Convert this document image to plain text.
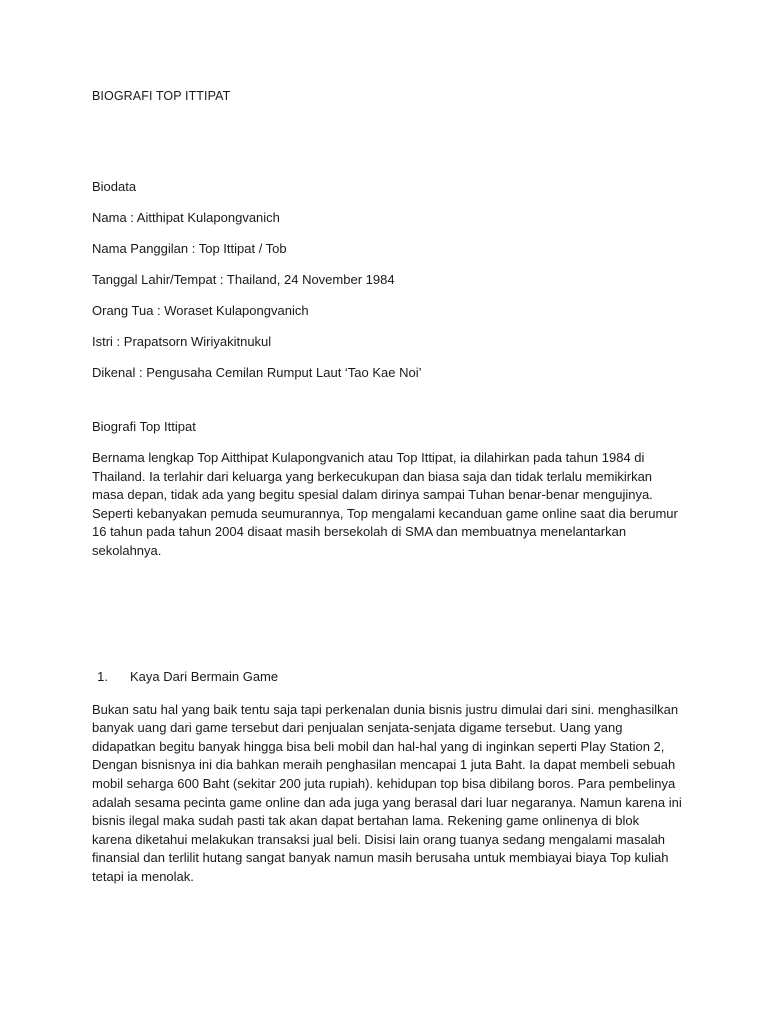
BIOGRAFI TOP ITTIPAT
Biodata
Nama : Aitthipat Kulapongvanich
Nama Panggilan : Top Ittipat / Tob
Tanggal Lahir/Tempat : Thailand, 24 November 1984
Orang Tua : Woraset Kulapongvanich
Istri : Prapatsorn Wiriyakitnukul
Dikenal : Pengusaha Cemilan Rumput Laut ‘Tao Kae Noi’
Biografi Top Ittipat
Bernama lengkap Top Aitthipat Kulapongvanich atau Top Ittipat, ia dilahirkan pada tahun 1984 di Thailand. Ia terlahir dari keluarga yang berkecukupan dan biasa saja dan tidak terlalu memikirkan masa depan, tidak ada yang begitu spesial dalam dirinya sampai Tuhan benar-benar mengujinya. Seperti kebanyakan pemuda seumurannya, Top mengalami kecanduan game online saat dia berumur 16 tahun pada tahun 2004 disaat masih bersekolah di SMA dan membuatnya menelantarkan sekolahnya.
1.	Kaya Dari Bermain Game
Bukan satu hal yang baik tentu saja tapi perkenalan dunia bisnis justru dimulai dari sini. menghasilkan banyak uang dari game tersebut dari penjualan senjata-senjata digame tersebut. Uang yang didapatkan begitu banyak hingga bisa beli mobil dan hal-hal yang di inginkan seperti Play Station 2, Dengan bisnisnya ini dia bahkan meraih penghasilan mencapai 1 juta Baht. Ia dapat membeli sebuah mobil seharga 600 Baht (sekitar 200 juta rupiah). kehidupan top bisa dibilang boros. Para pembelinya adalah sesama pecinta game online dan ada juga yang berasal dari luar negaranya. Namun karena ini bisnis ilegal maka sudah pasti tak akan dapat bertahan lama. Rekening game onlinenya di blok karena diketahui melakukan transaksi jual beli. Disisi lain orang tuanya sedang mengalami masalah finansial dan terlilit hutang sangat banyak namun masih berusaha untuk membiayai biaya Top kuliah tetapi ia menolak.
